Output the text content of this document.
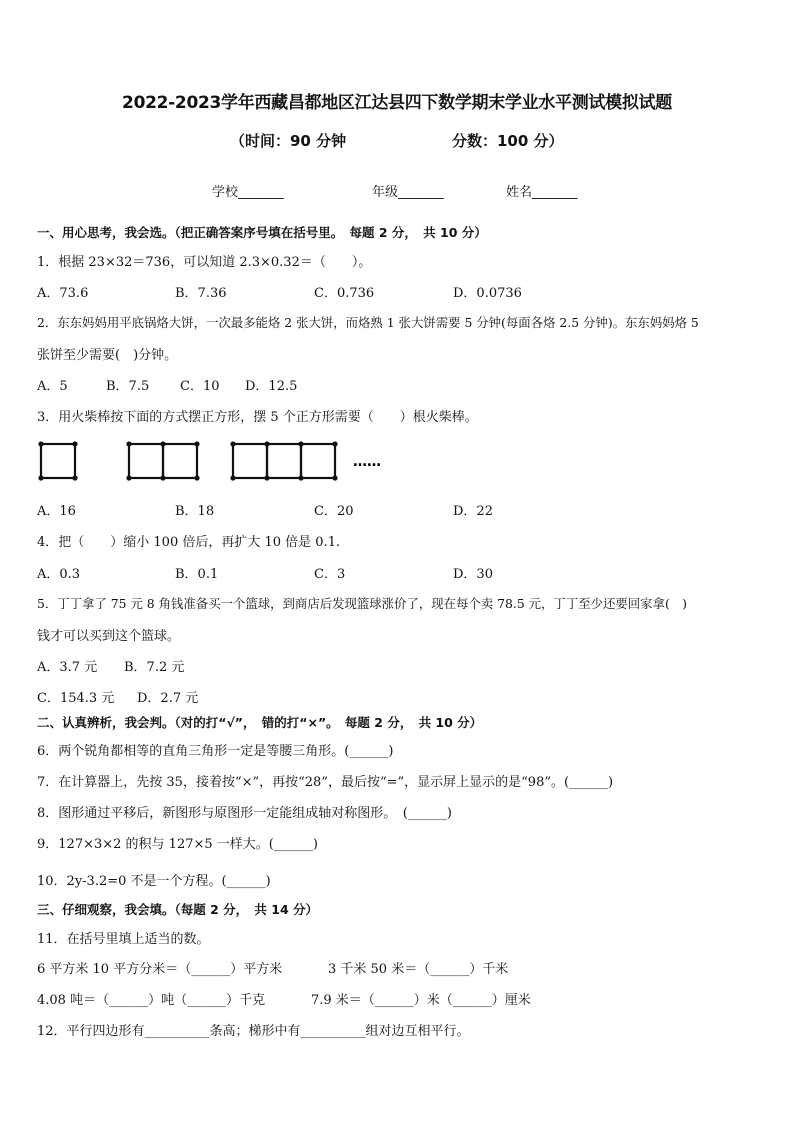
2022-2023学年西藏昌都地区江达县四下数学期末学业水平测试模拟试题
（时间：90 分钟	分数：100 分）
学校_______	年级_______	姓名_______
一、用心思考，我会选。（把正确答案序号填在括号里。　每题 2 分，　共 10 分）
1．根据 23×32＝736，可以知道 2.3×0.32＝（　　）。
A．73.6	B．7.36	C．0.736	D．0.0736
2．东东妈妈用平底锅烙大饼，一次最多能烙 2 张大饼，而烙熟 1 张大饼需要 5 分钟(每面各烙 2.5 分钟)。东东妈妈烙 5
张饼至少需要(　)分钟。
A．5	B．7.5 C．10 D．12.5
3．用火柴棒按下面的方式摆正方形，摆 5 个正方形需要（　　）根火柴棒。
……
A．16	B．18	C．20	D．22
4．把（　　）缩小 100 倍后，再扩大 10 倍是 0.1.
A．0.3	B．0.1	C．3	D．30
5．丁丁拿了 75 元 8 角钱准备买一个篮球，到商店后发现篮球涨价了，现在每个卖 78.5 元，丁丁至少还要回家拿(　)
钱才可以买到这个篮球。
A．3.7 元 B．7.2 元
C．154.3 元 D．2.7 元
二、认真辨析，我会判。（对的打“√”，　错的打“×”。　每题 2 分，　共 10 分）
6．两个锐角都相等的直角三角形一定是等腰三角形。(______)
7．在计算器上，先按 35，接着按“×”，再按“28”，最后按“=”，显示屏上显示的是“98”。(______)
8．图形通过平移后，新图形与原图形一定能组成轴对称图形。　(______)
9．127×3×2 的积与 127×5 一样大。(______)
10．2y-3.2=0 不是一个方程。(______)
三、仔细观察，我会填。（每题 2 分，　共 14 分）
11．在括号里填上适当的数。
6 平方米 10 平方分米＝（______）平方米	3 千米 50 米＝（______）千米
4.08 吨＝（______）吨（______）千克	7.9 米＝（______）米（______）厘米
12．平行四边形有__________条高；梯形中有__________组对边互相平行。
